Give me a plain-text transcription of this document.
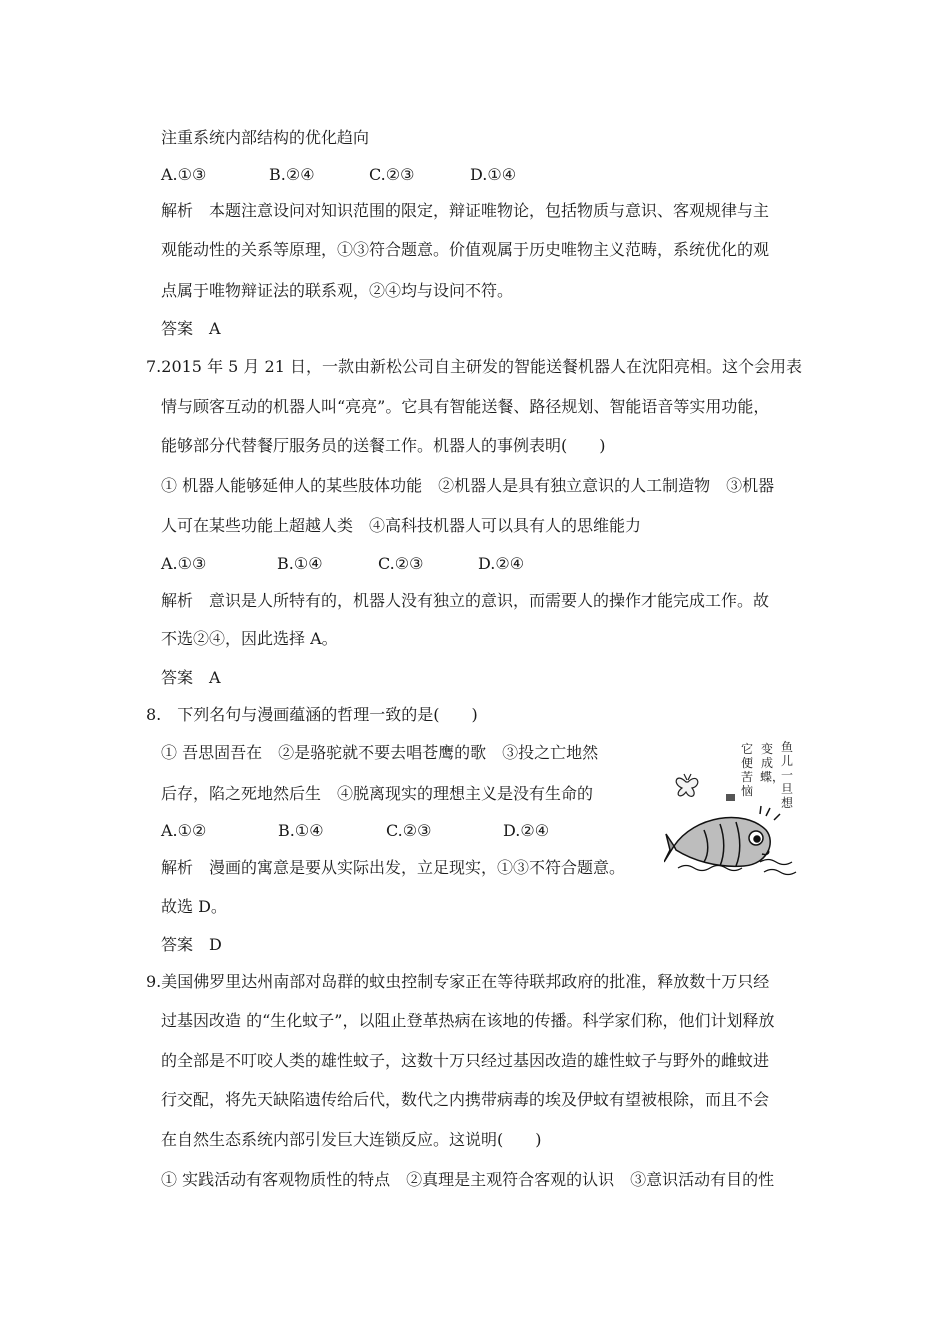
注重系统内部结构的优化趋向
A.①③	B.②④	C.②③	D.①④
解析　本题注意设问对知识范围的限定，辩证唯物论，包括物质与意识、客观规律与主
观能动性的关系等原理，①③符合题意。价值观属于历史唯物主义范畴，系统优化的观
点属于唯物辩证法的联系观，②④均与设问不符。
答案　A
7.2015 年 5 月 21 日，一款由新松公司自主研发的智能送餐机器人在沈阳亮相。这个会用表
情与顾客互动的机器人叫“亮亮”。它具有智能送餐、路径规划、智能语音等实用功能，
能够部分代替餐厅服务员的送餐工作。机器人的事例表明(　　)
① 机器人能够延伸人的某些肢体功能　②机器人是具有独立意识的人工制造物　③机器
人可在某些功能上超越人类　④高科技机器人可以具有人的思维能力
A.①③	B.①④	C.②③	D.②④
解析　意识是人所特有的，机器人没有独立的意识，而需要人的操作才能完成工作。故
不选②④，因此选择 A。
答案　A
8.　下列名句与漫画蕴涵的哲理一致的是(　　)
① 吾思固吾在　②是骆驼就不要去唱苍鹰的歌　③投之亡地然
后存，陷之死地然后生　④脱离现实的理想主义是没有生命的
A.①②	B.①④	C.②③	D.②④
解析　漫画的寓意是要从实际出发，立足现实，①③不符合题意。
故选 D。
答案　D
鱼儿一旦想
变成蝶，
它便苦恼
9.美国佛罗里达州南部对岛群的蚊虫控制专家正在等待联邦政府的批准，释放数十万只经
过基因改造 的“生化蚊子”，以阻止登革热病在该地的传播。科学家们称，他们计划释放
的全部是不叮咬人类的雄性蚊子，这数十万只经过基因改造的雄性蚊子与野外的雌蚊进
行交配，将先天缺陷遗传给后代，数代之内携带病毒的埃及伊蚊有望被根除，而且不会
在自然生态系统内部引发巨大连锁反应。这说明(　　)
① 实践活动有客观物质性的特点　②真理是主观符合客观的认识　③意识活动有目的性
